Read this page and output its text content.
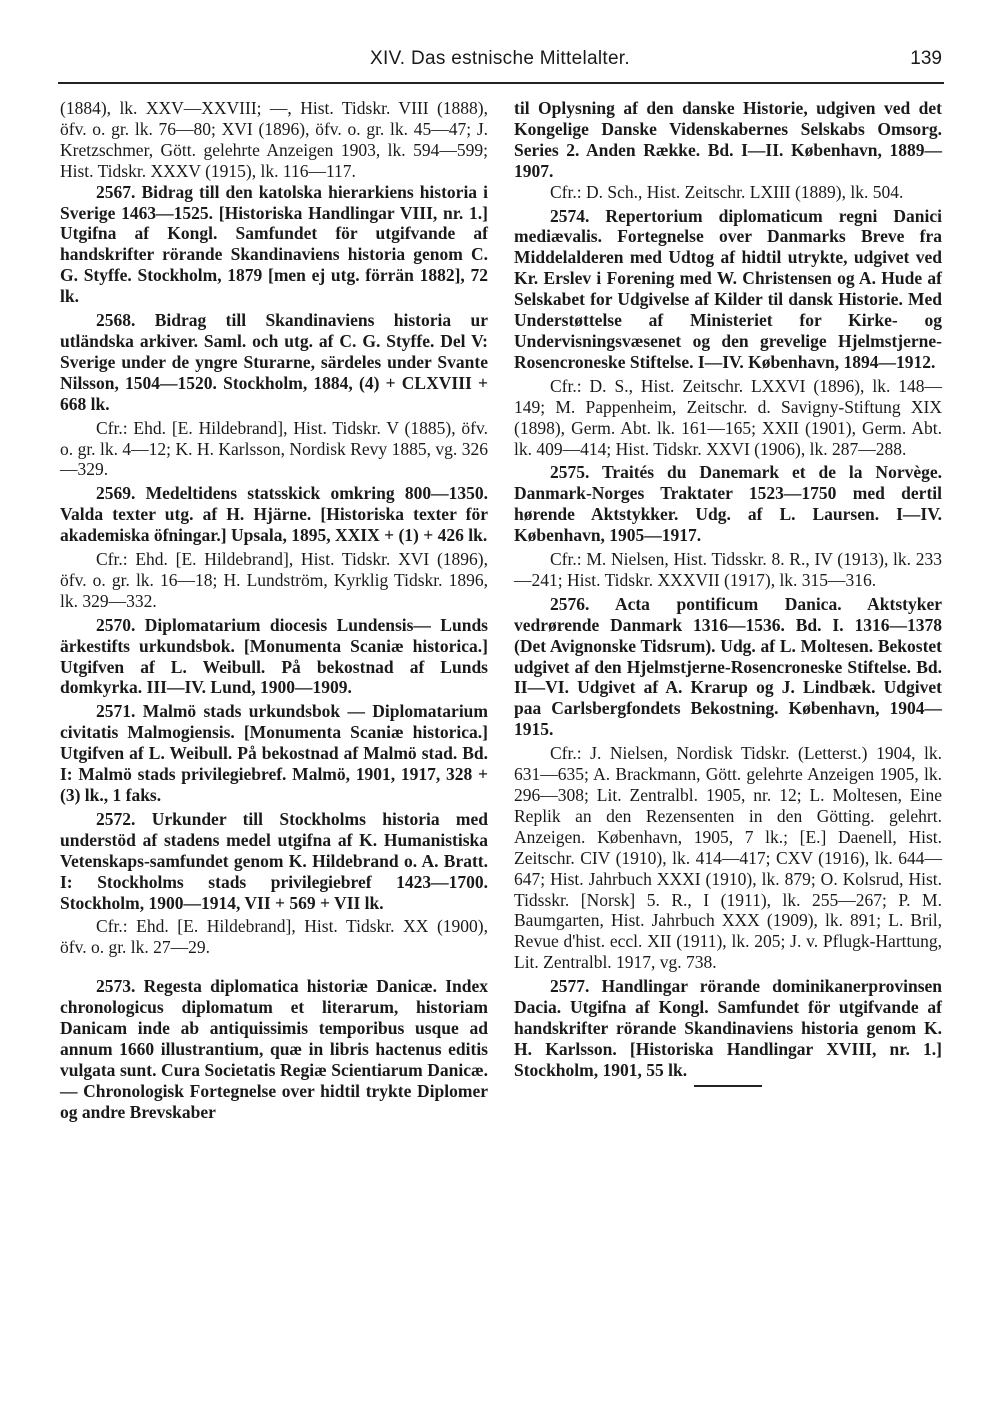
XIV. Das estnische Mittelalter.	139

(1884), lk. XXV—XXVIII; —, Hist. Tidskr. VIII (1888), öfv. o. gr. lk. 76—80; XVI (1896), öfv. o. gr. lk. 45—47; J. Kretzschmer, Gött. gelehrte Anzeigen 1903, lk. 594—599; Hist. Tidskr. XXXV (1915), lk. 116—117.

2567. Bidrag till den katolska hierarkiens historia i Sverige 1463—1525. [Historiska Handlingar VIII, nr. 1.] Utgifna af Kongl. Samfundet för utgifvande af handskrifter rörande Skandinaviens historia genom C. G. Styffe. Stockholm, 1879 [men ej utg. förrän 1882], 72 lk.

2568. Bidrag till Skandinaviens historia ur utländska arkiver. Saml. och utg. af C. G. Styffe. Del V: Sverige under de yngre Sturarne, särdeles under Svante Nilsson, 1504—1520. Stockholm, 1884, (4) + CLXVIII + 668 lk.

Cfr.: Ehd. [E. Hildebrand], Hist. Tidskr. V (1885), öfv. o. gr. lk. 4—12; K. H. Karlsson, Nordisk Revy 1885, vg. 326—329.

2569. Medeltidens statsskick omkring 800—1350. Valda texter utg. af H. Hjärne. [Historiska texter för akademiska öfningar.] Upsala, 1895, XXIX + (1) + 426 lk.

Cfr.: Ehd. [E. Hildebrand], Hist. Tidskr. XVI (1896), öfv. o. gr. lk. 16—18; H. Lundström, Kyrklig Tidskr. 1896, lk. 329—332.

2570. Diplomatarium diocesis Lundensis— Lunds ärkestifts urkundsbok. [Monumenta Scaniæ historica.] Utgifven af L. Weibull. På bekostnad af Lunds domkyrka. III—IV. Lund, 1900—1909.

2571. Malmö stads urkundsbok — Diplomatarium civitatis Malmogiensis. [Monumenta Scaniæ historica.] Utgifven af L. Weibull. På bekostnad af Malmö stad. Bd. I: Malmö stads privilegiebref. Malmö, 1901, 1917, 328 + (3) lk., 1 faks.

2572. Urkunder till Stockholms historia med understöd af stadens medel utgifna af K. Humanistiska Vetenskaps-samfundet genom K. Hildebrand o. A. Bratt. I: Stockholms stads privilegiebref 1423—1700. Stockholm, 1900—1914, VII + 569 + VII lk.

Cfr.: Ehd. [E. Hildebrand], Hist. Tidskr. XX (1900), öfv. o. gr. lk. 27—29.

2573. Regesta diplomatica historiæ Danicæ. Index chronologicus diplomatum et literarum, historiam Danicam inde ab antiquissimis temporibus usque ad annum 1660 illustrantium, quæ in libris hactenus editis vulgata sunt. Cura Societatis Regiæ Scientiarum Danicæ. — Chronologisk Fortegnelse over hidtil trykte Diplomer og andre Brevskaber

til Oplysning af den danske Historie, udgiven ved det Kongelige Danske Videnskabernes Selskabs Omsorg. Series 2. Anden Række. Bd. I—II. København, 1889—1907.

Cfr.: D. Sch., Hist. Zeitschr. LXIII (1889), lk. 504.

2574. Repertorium diplomaticum regni Danici mediævalis. Fortegnelse over Danmarks Breve fra Middelalderen med Udtog af hidtil utrykte, udgivet ved Kr. Erslev i Forening med W. Christensen og A. Hude af Selskabet for Udgivelse af Kilder til dansk Historie. Med Understøttelse af Ministeriet for Kirke- og Undervisningsvæsenet og den grevelige Hjelmstjerne-Rosencroneske Stiftelse. I—IV. København, 1894—1912.

Cfr.: D. S., Hist. Zeitschr. LXXVI (1896), lk. 148—149; M. Pappenheim, Zeitschr. d. Savigny-Stiftung XIX (1898), Germ. Abt. lk. 161—165; XXII (1901), Germ. Abt. lk. 409—414; Hist. Tidskr. XXVI (1906), lk. 287—288.

2575. Traités du Danemark et de la Norvège. Danmark-Norges Traktater 1523—1750 med dertil hørende Aktstykker. Udg. af L. Laursen. I—IV. København, 1905—1917.

Cfr.: M. Nielsen, Hist. Tidsskr. 8. R., IV (1913), lk. 233—241; Hist. Tidskr. XXXVII (1917), lk. 315—316.

2576. Acta pontificum Danica. Aktstyker vedrørende Danmark 1316—1536. Bd. I. 1316—1378 (Det Avignonske Tidsrum). Udg. af L. Moltesen. Bekostet udgivet af den Hjelmstjerne-Rosencroneske Stiftelse. Bd. II—VI. Udgivet af A. Krarup og J. Lindbæk. Udgivet paa Carlsbergfondets Bekostning. København, 1904—1915.

Cfr.: J. Nielsen, Nordisk Tidskr. (Letterst.) 1904, lk. 631—635; A. Brackmann, Gött. gelehrte Anzeigen 1905, lk. 296—308; Lit. Zentralbl. 1905, nr. 12; L. Moltesen, Eine Replik an den Rezensenten in den Götting. gelehrt. Anzeigen. København, 1905, 7 lk.; [E.] Daenell, Hist. Zeitschr. CIV (1910), lk. 414—417; CXV (1916), lk. 644—647; Hist. Jahrbuch XXXI (1910), lk. 879; O. Kolsrud, Hist. Tidsskr. [Norsk] 5. R., I (1911), lk. 255—267; P. M. Baumgarten, Hist. Jahrbuch XXX (1909), lk. 891; L. Bril, Revue d'hist. eccl. XII (1911), lk. 205; J. v. Pflugk-Harttung, Lit. Zentralbl. 1917, vg. 738.

2577. Handlingar rörande dominikanerprovinsen Dacia. Utgifna af Kongl. Samfundet för utgifvande af handskrifter rörande Skandinaviens historia genom K. H. Karlsson. [Historiska Handlingar XVIII, nr. 1.] Stockholm, 1901, 55 lk.
